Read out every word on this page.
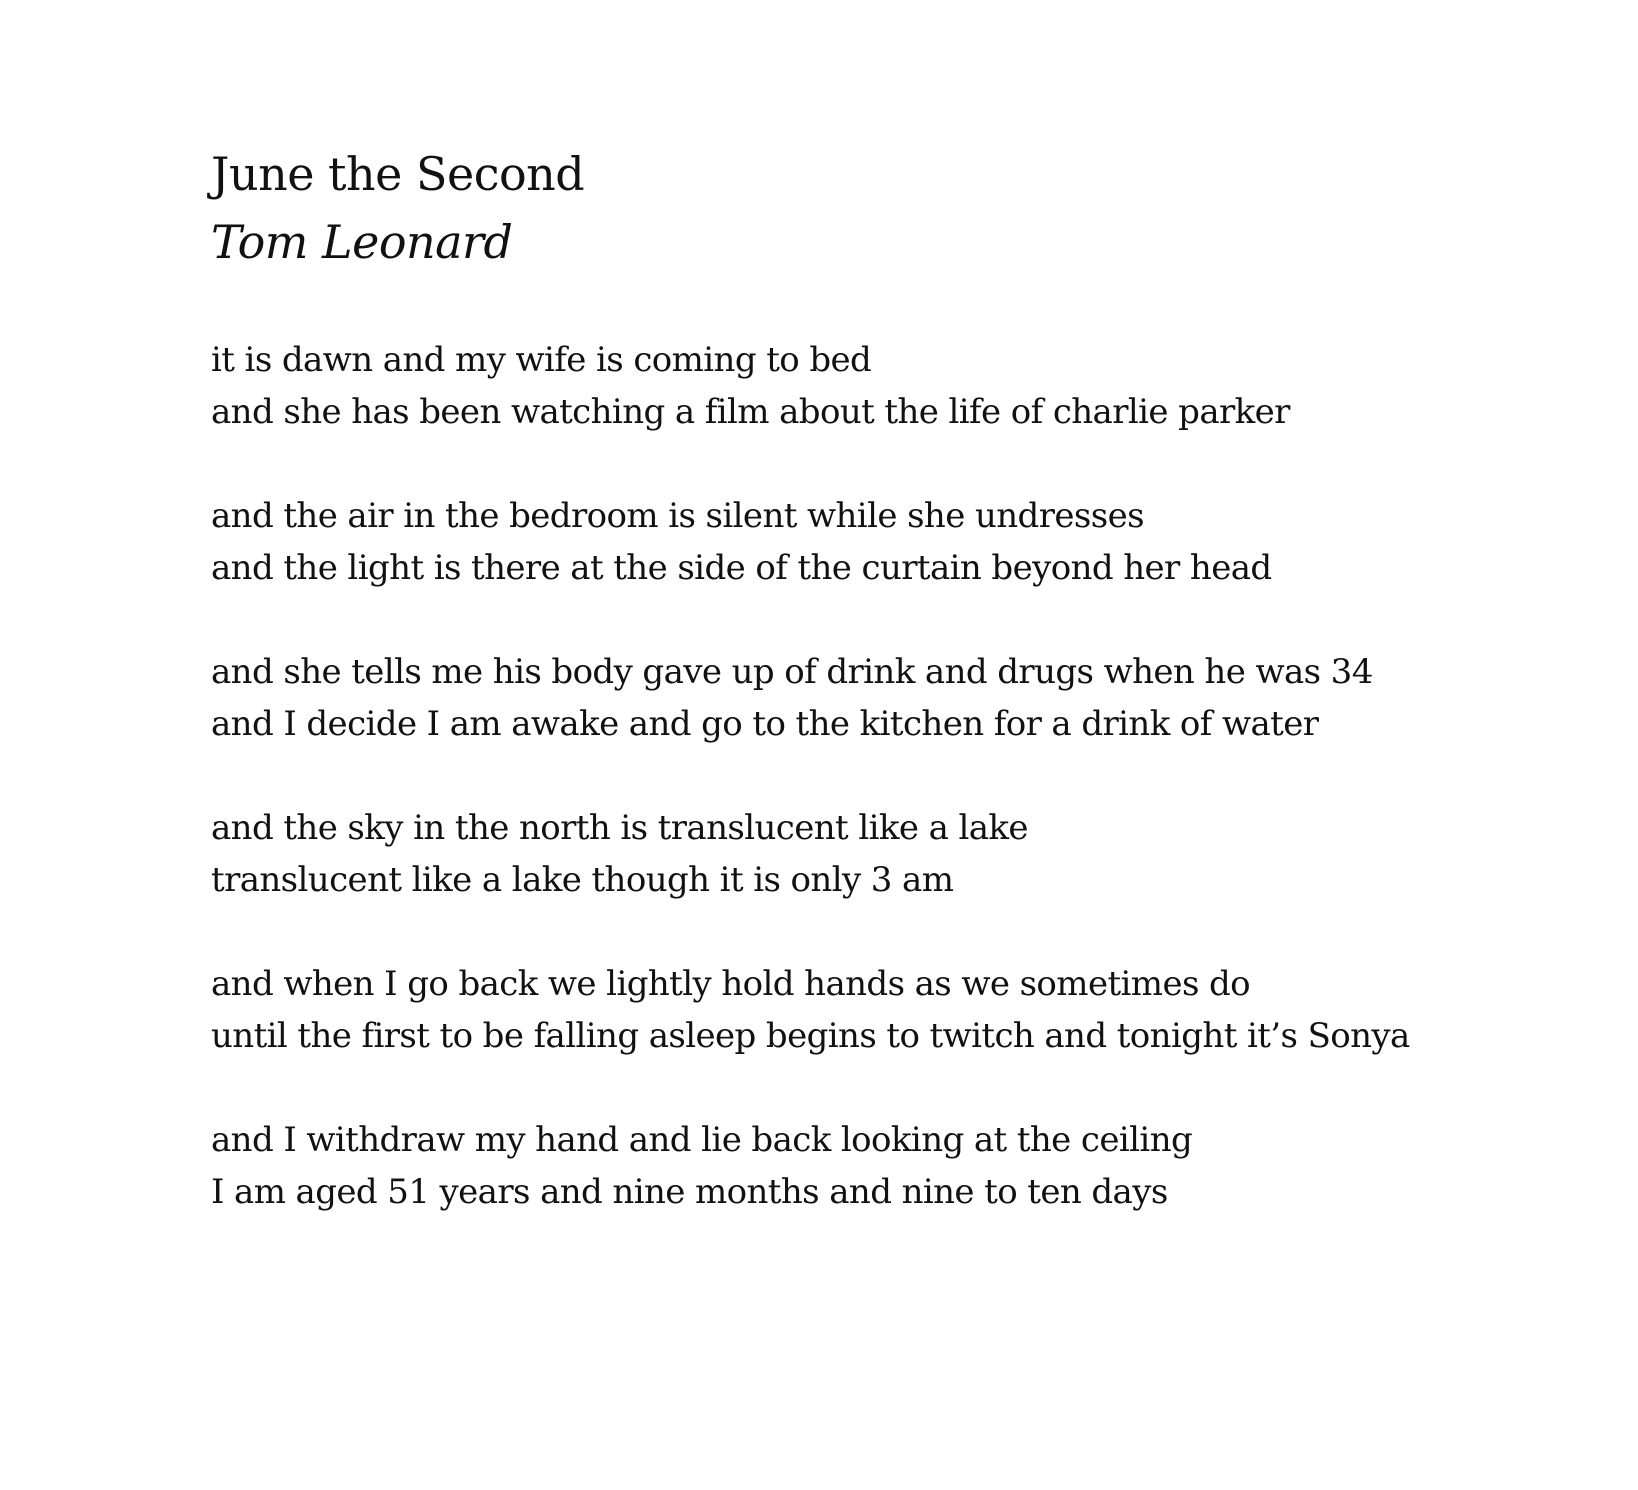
June the Second
Tom Leonard
it is dawn and my wife is coming to bed
and she has been watching a film about the life of charlie parker
and the air in the bedroom is silent while she undresses
and the light is there at the side of the curtain beyond her head
and she tells me his body gave up of drink and drugs when he was 34
and I decide I am awake and go to the kitchen for a drink of water
and the sky in the north is translucent like a lake
translucent like a lake though it is only 3 am
and when I go back we lightly hold hands as we sometimes do
until the first to be falling asleep begins to twitch and tonight it’s Sonya
and I withdraw my hand and lie back looking at the ceiling
I am aged 51 years and nine months and nine to ten days
